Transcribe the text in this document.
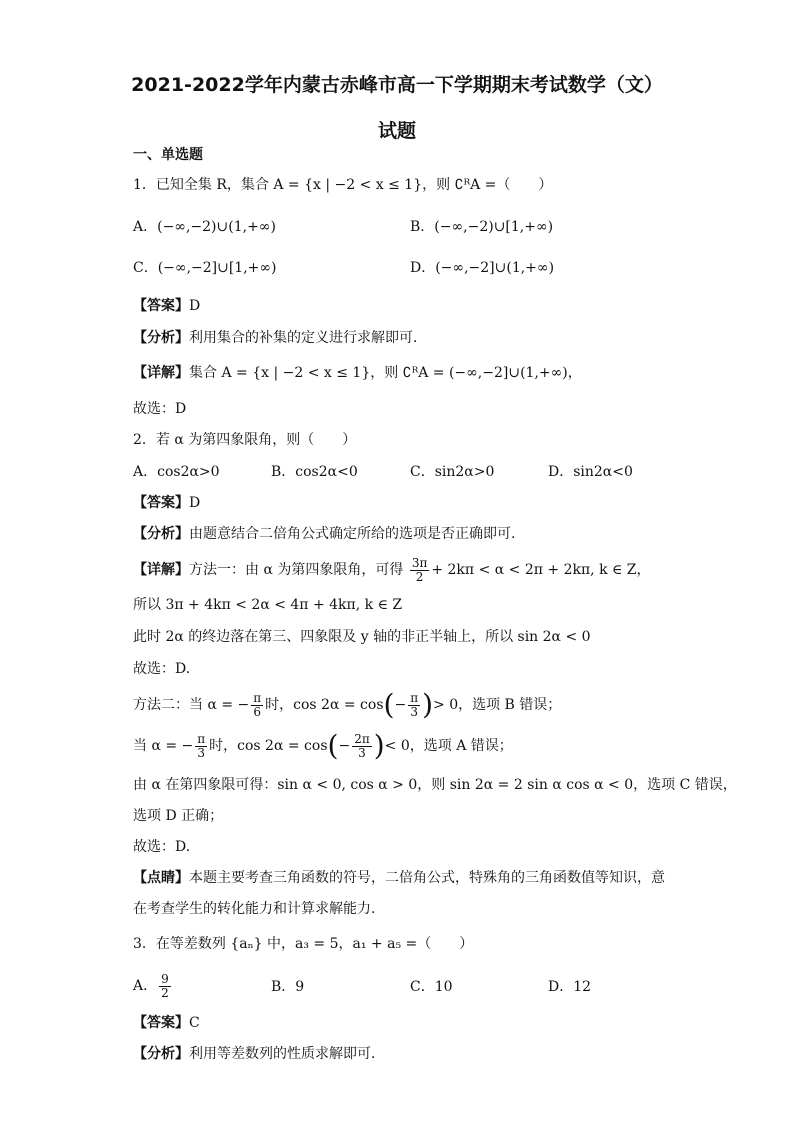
2021-2022学年内蒙古赤峰市高一下学期期末考试数学（文）
试题
一、单选题
1．已知全集 R，集合 A = {x | −2 < x ≤ 1}，则 ∁ᴿA =（　　）
A．(−∞,−2)∪(1,+∞)	B．(−∞,−2)∪[1,+∞)
C．(−∞,−2]∪[1,+∞)	D．(−∞,−2]∪(1,+∞)
【答案】D
【分析】利用集合的补集的定义进行求解即可．
【详解】集合 A = {x | −2 < x ≤ 1}，则 ∁ᴿA = (−∞,−2]∪(1,+∞)，
故选：D
2．若 α 为第四象限角，则（　　）
A．cos2α>0	B．cos2α<0	C．sin2α>0	D．sin2α<0
【答案】D
【分析】由题意结合二倍角公式确定所给的选项是否正确即可.
【详解】方法一：由 α 为第四象限角，可得 $\frac{3\pi}{2} + 2k\pi < \alpha < 2\pi + 2k\pi$, k ∈ Z，
所以 3π + 4kπ < 2α < 4π + 4kπ, k ∈ Z
此时 2α 的终边落在第三、四象限及 y 轴的非正半轴上，所以 sin 2α < 0
故选：D.
方法二：当 α = − $\frac{\pi}{6}$ 时，$\cos 2\alpha = \cos(- \frac{\pi}{3}$ )> 0，选项 B 错误；
当 α = − $\frac{\pi}{3}$ 时，$\cos 2\alpha = \cos(- \frac{2\pi}{3}$ )< 0，选项 A 错误；
由 α 在第四象限可得：sin α < 0, cos α > 0，则 sin 2α = 2 sin α cos α < 0，选项 C 错误，
选项 D 正确；
故选：D.
【点睛】本题主要考查三角函数的符号，二倍角公式，特殊角的三角函数值等知识，意
在考查学生的转化能力和计算求解能力.
3．在等差数列 {aₙ} 中，a₃ = 5，a₁ + a₅ =（　　）
A． $\frac{9}{2}$	B．9	C．10	D．12
【答案】C
【分析】利用等差数列的性质求解即可．
